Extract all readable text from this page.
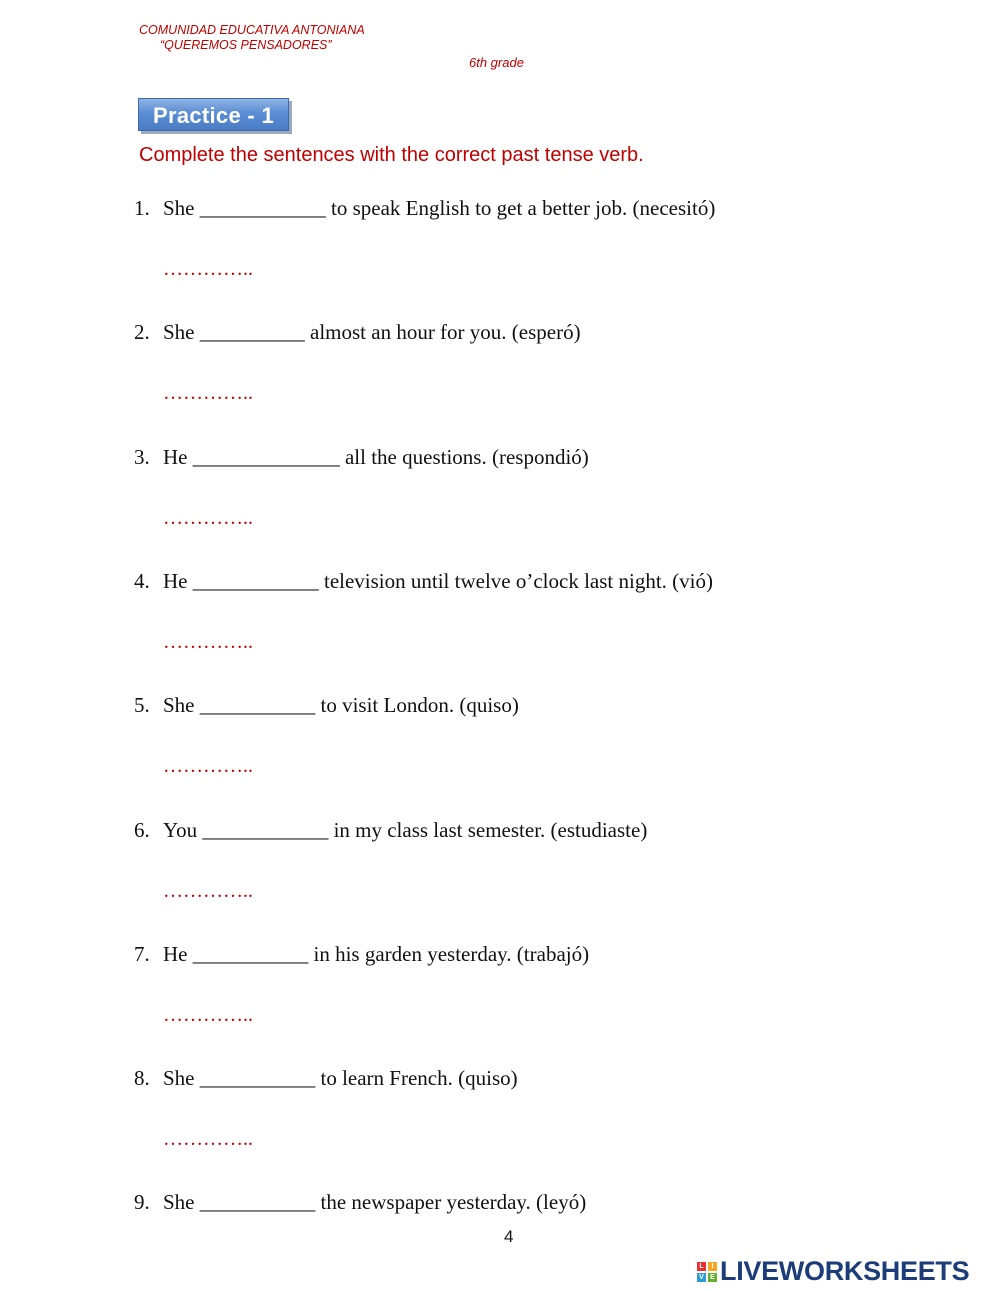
COMUNIDAD EDUCATIVA ANTONIANA
“QUEREMOS PENSADORES”
6th grade
Practice - 1
Complete the sentences with the correct past tense verb.
1. She ____________ to speak English to get a better job. (necesitó)
…………..
2. She __________ almost an hour for you. (esperó)
…………..
3. He ______________ all the questions. (respondió)
…………..
4. He ____________ television until twelve o’clock last night. (vió)
…………..
5. She ___________ to visit London. (quiso)
…………..
6. You ____________ in my class last semester. (estudiaste)
…………..
7. He ___________ in his garden yesterday. (trabajó)
…………..
8. She ___________ to learn French. (quiso)
…………..
9. She ___________ the newspaper yesterday. (leyó)
4
L	I
V E LIVEWORKSHEETS
